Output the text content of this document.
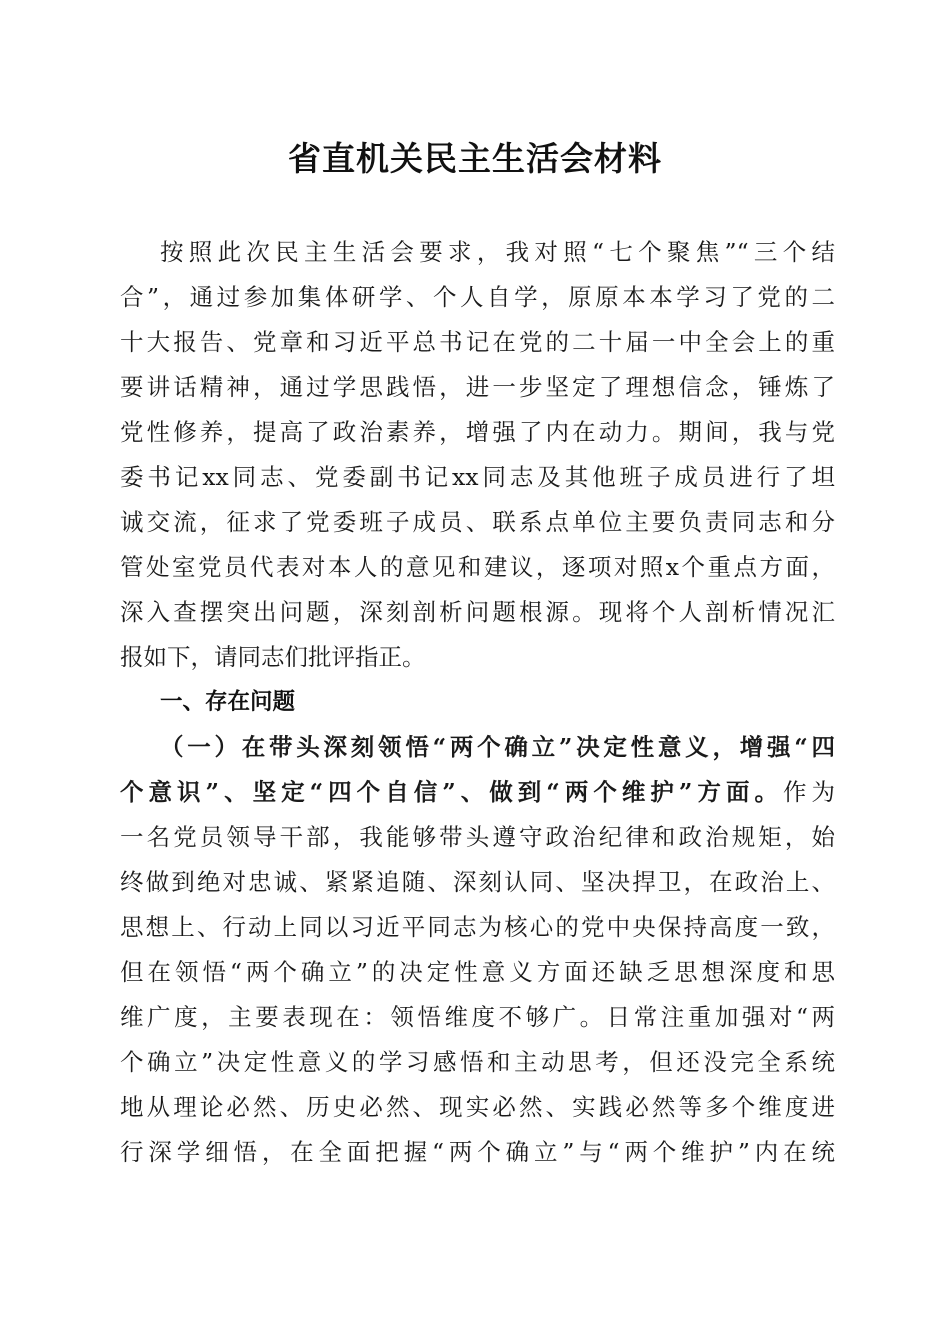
省直机关民主生活会材料
按照此次民主生活会要求，我对照“七个聚焦”“三个结
合”，通过参加集体研学、个人自学，原原本本学习了党的二
十大报告、党章和习近平总书记在党的二十届一中全会上的重
要讲话精神，通过学思践悟，进一步坚定了理想信念，锤炼了
党性修养，提高了政治素养，增强了内在动力。期间，我与党
委书记xx同志、党委副书记xx同志及其他班子成员进行了坦
诚交流，征求了党委班子成员、联系点单位主要负责同志和分
管处室党员代表对本人的意见和建议，逐项对照x个重点方面，
深入查摆突出问题，深刻剖析问题根源。现将个人剖析情况汇
报如下，请同志们批评指正。
一、存在问题
（一）在带头深刻领悟“两个确立”决定性意义，增强“四
个意识”、坚定“四个自信”、做到“两个维护”方面。作为
一名党员领导干部，我能够带头遵守政治纪律和政治规矩，始
终做到绝对忠诚、紧紧追随、深刻认同、坚决捍卫，在政治上、
思想上、行动上同以习近平同志为核心的党中央保持高度一致，
但在领悟“两个确立”的决定性意义方面还缺乏思想深度和思
维广度，主要表现在：领悟维度不够广。日常注重加强对“两
个确立”决定性意义的学习感悟和主动思考，但还没完全系统
地从理论必然、历史必然、现实必然、实践必然等多个维度进
行深学细悟，在全面把握“两个确立”与“两个维护”内在统
